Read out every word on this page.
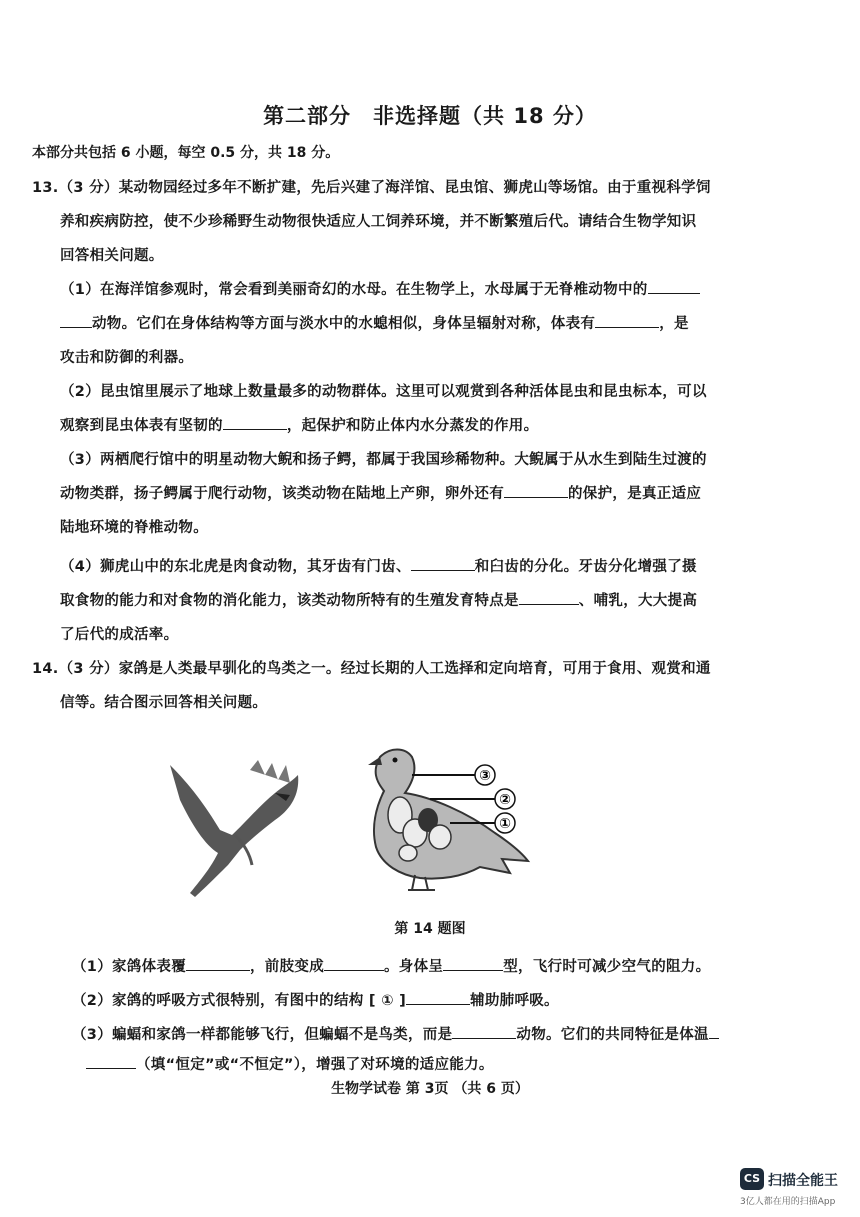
第二部分　非选择题（共 18 分）
本部分共包括 6 小题，每空 0.5 分，共 18 分。
13.（3 分）某动物园经过多年不断扩建，先后兴建了海洋馆、昆虫馆、狮虎山等场馆。由于重视科学饲
养和疾病防控，使不少珍稀野生动物很快适应人工饲养环境，并不断繁殖后代。请结合生物学知识
回答相关问题。
（1）在海洋馆参观时，常会看到美丽奇幻的水母。在生物学上，水母属于无脊椎动物中的
动物。它们在身体结构等方面与淡水中的水螅相似，身体呈辐射对称，体表有	，是
攻击和防御的利器。
（2）昆虫馆里展示了地球上数量最多的动物群体。这里可以观赏到各种活体昆虫和昆虫标本，可以
观察到昆虫体表有坚韧的	，起保护和防止体内水分蒸发的作用。
（3）两栖爬行馆中的明星动物大鲵和扬子鳄，都属于我国珍稀物种。大鲵属于从水生到陆生过渡的
动物类群，扬子鳄属于爬行动物，该类动物在陆地上产卵，卵外还有	的保护，是真正适应
陆地环境的脊椎动物。
（4）狮虎山中的东北虎是肉食动物，其牙齿有门齿、	和臼齿的分化。牙齿分化增强了摄
取食物的能力和对食物的消化能力，该类动物所特有的生殖发育特点是	、哺乳，大大提高
了后代的成活率。
14.（3 分）家鸽是人类最早驯化的鸟类之一。经过长期的人工选择和定向培育，可用于食用、观赏和通
信等。结合图示回答相关问题。
③
②
①
第 14 题图
（1）家鸽体表覆	，前肢变成	。身体呈	型，飞行时可减少空气的阻力。
（2）家鸽的呼吸方式很特别，有图中的结构 [ ① ]	辅助肺呼吸。
（3）蝙蝠和家鸽一样都能够飞行，但蝙蝠不是鸟类，而是	动物。它们的共同特征是体温
（填“恒定”或“不恒定”），增强了对环境的适应能力。
生物学试卷 第 3页 （共 6 页）
CS 扫描全能王
3亿人都在用的扫描App
